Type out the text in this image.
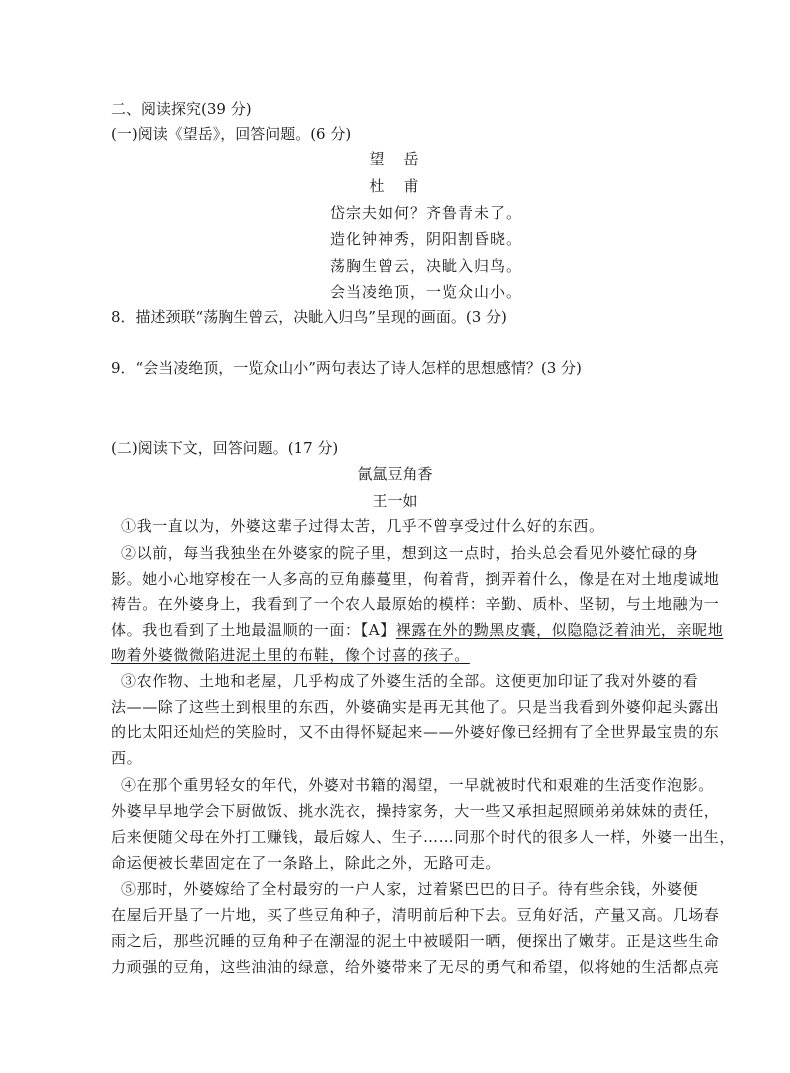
二、阅读探究(39 分)
(一)阅读《望岳》，回答问题。(6 分)
望　岳
杜　甫
岱宗夫如何？齐鲁青未了。
造化钟神秀，阴阳割昏晓。
荡胸生曾云，决眦入归鸟。
会当凌绝顶，一览众山小。
8．描述颈联“荡胸生曾云，决眦入归鸟”呈现的画面。(3 分)
9．“会当凌绝顶，一览众山小”两句表达了诗人怎样的思想感情？(3 分)
(二)阅读下文，回答问题。(17 分)
氤氲豆角香
王一如
①我一直以为，外婆这辈子过得太苦，几乎不曾享受过什么好的东西。
②以前，每当我独坐在外婆家的院子里，想到这一点时，抬头总会看见外婆忙碌的身
影。她小心地穿梭在一人多高的豆角藤蔓里，佝着背，捯弄着什么，像是在对土地虔诚地
祷告。在外婆身上，我看到了一个农人最原始的模样：辛勤、质朴、坚韧，与土地融为一
体。我也看到了土地最温顺的一面：【A】裸露在外的黝黑皮囊，似隐隐泛着油光，亲昵地
吻着外婆微微陷进泥土里的布鞋，像个讨喜的孩子。
③农作物、土地和老屋，几乎构成了外婆生活的全部。这便更加印证了我对外婆的看
法——除了这些土到根里的东西，外婆确实是再无其他了。只是当我看到外婆仰起头露出
的比太阳还灿烂的笑脸时，又不由得怀疑起来——外婆好像已经拥有了全世界最宝贵的东
西。
④在那个重男轻女的年代，外婆对书籍的渴望，一早就被时代和艰难的生活变作泡影。
外婆早早地学会下厨做饭、挑水洗衣，操持家务，大一些又承担起照顾弟弟妹妹的责任，
后来便随父母在外打工赚钱，最后嫁人、生子……同那个时代的很多人一样，外婆一出生，
命运便被长辈固定在了一条路上，除此之外，无路可走。
⑤那时，外婆嫁给了全村最穷的一户人家，过着紧巴巴的日子。待有些余钱，外婆便
在屋后开垦了一片地，买了些豆角种子，清明前后种下去。豆角好活，产量又高。几场春
雨之后，那些沉睡的豆角种子在潮湿的泥土中被暖阳一晒，便探出了嫩芽。正是这些生命
力顽强的豆角，这些油油的绿意，给外婆带来了无尽的勇气和希望，似将她的生活都点亮
